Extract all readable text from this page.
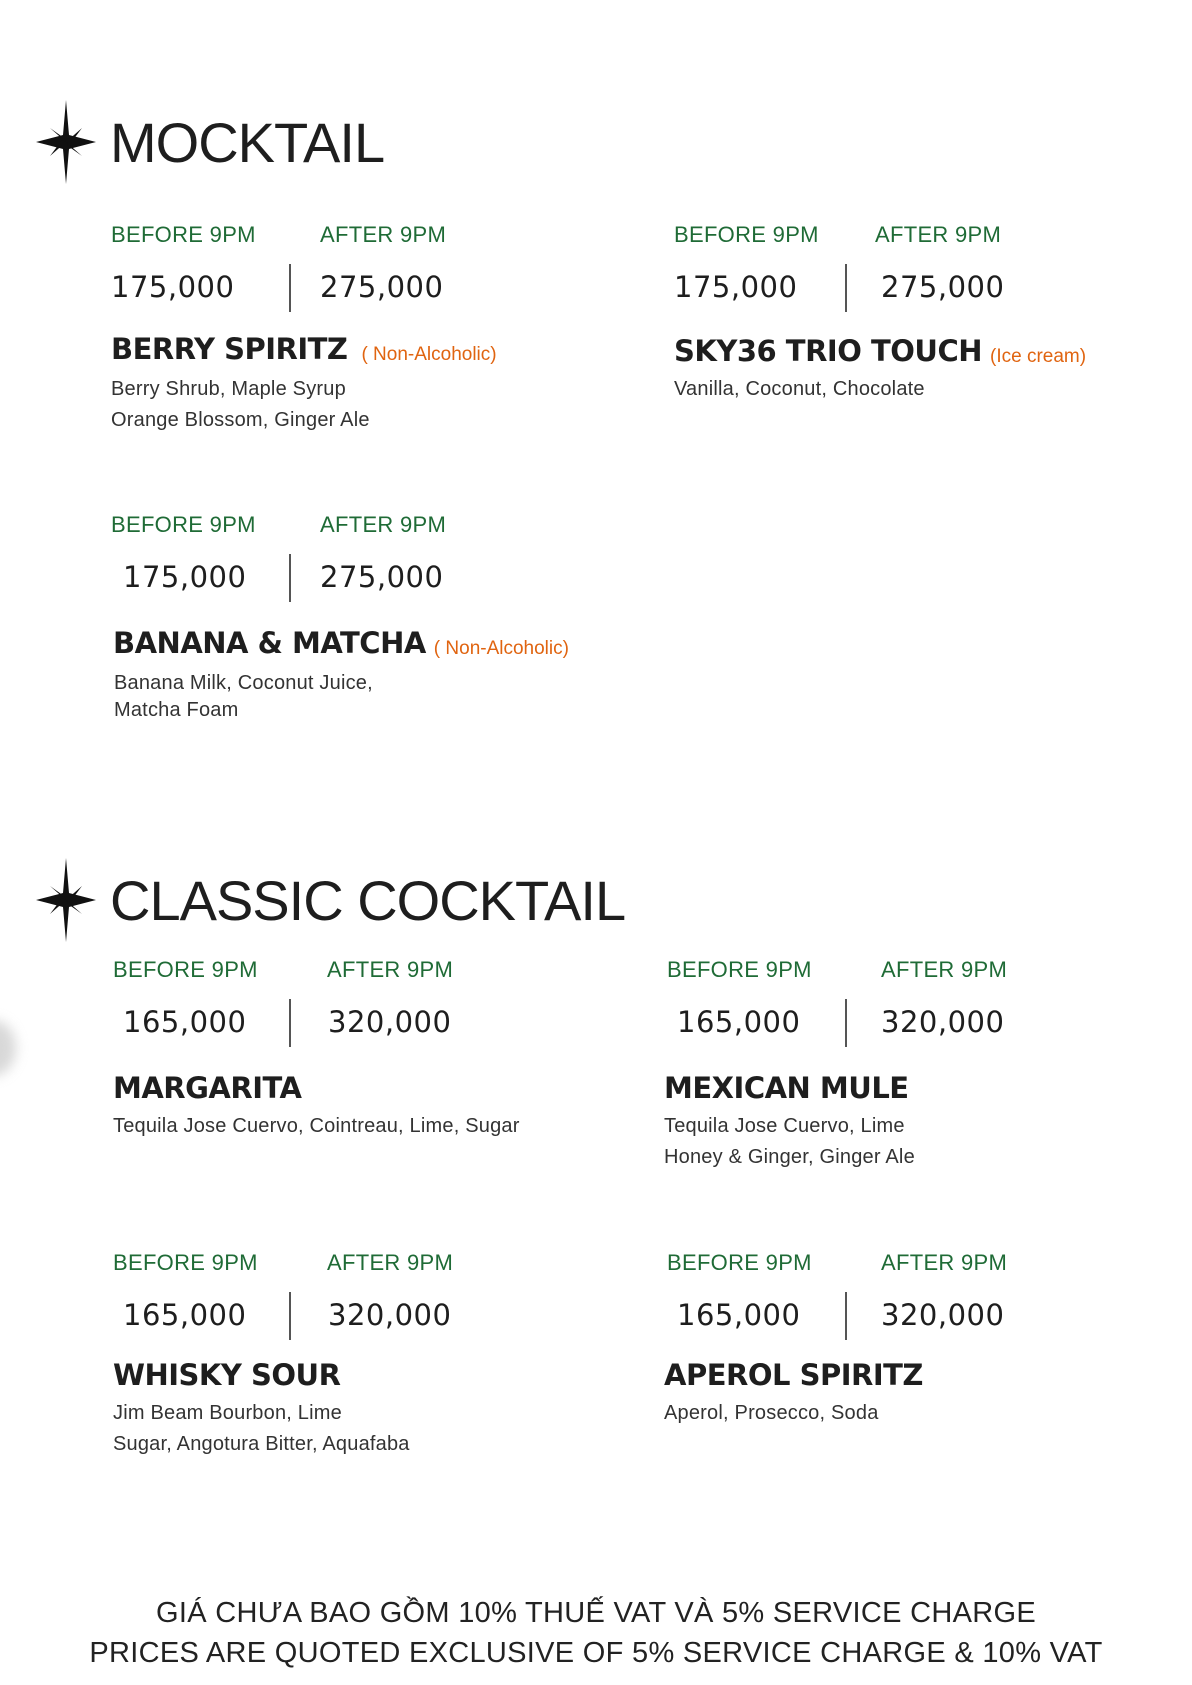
MOCKTAIL
BEFORE 9PM	AFTER 9PM
175,000	275,000
BERRY SPIRITZ ( Non-Alcoholic)
Berry Shrub, Maple Syrup
Orange Blossom, Ginger Ale
BEFORE 9PM	AFTER 9PM
175,000	275,000
SKY36 TRIO TOUCH (Ice cream)
Vanilla, Coconut, Chocolate
BEFORE 9PM	AFTER 9PM
175,000	275,000
BANANA & MATCHA ( Non-Alcoholic)
Banana Milk, Coconut Juice,
Matcha Foam
CLASSIC COCKTAIL
BEFORE 9PM	AFTER 9PM
165,000	320,000
MARGARITA
Tequila Jose Cuervo, Cointreau, Lime, Sugar
BEFORE 9PM	AFTER 9PM
165,000	320,000
MEXICAN MULE
Tequila Jose Cuervo, Lime
Honey & Ginger, Ginger Ale
BEFORE 9PM	AFTER 9PM
165,000	320,000
WHISKY SOUR
Jim Beam Bourbon, Lime
Sugar, Angotura Bitter, Aquafaba
BEFORE 9PM	AFTER 9PM
165,000	320,000
APEROL SPIRITZ
Aperol, Prosecco, Soda
GIÁ CHƯA BAO GỒM 10% THUẾ VAT VÀ 5% SERVICE CHARGE
PRICES ARE QUOTED EXCLUSIVE OF 5% SERVICE CHARGE & 10% VAT
